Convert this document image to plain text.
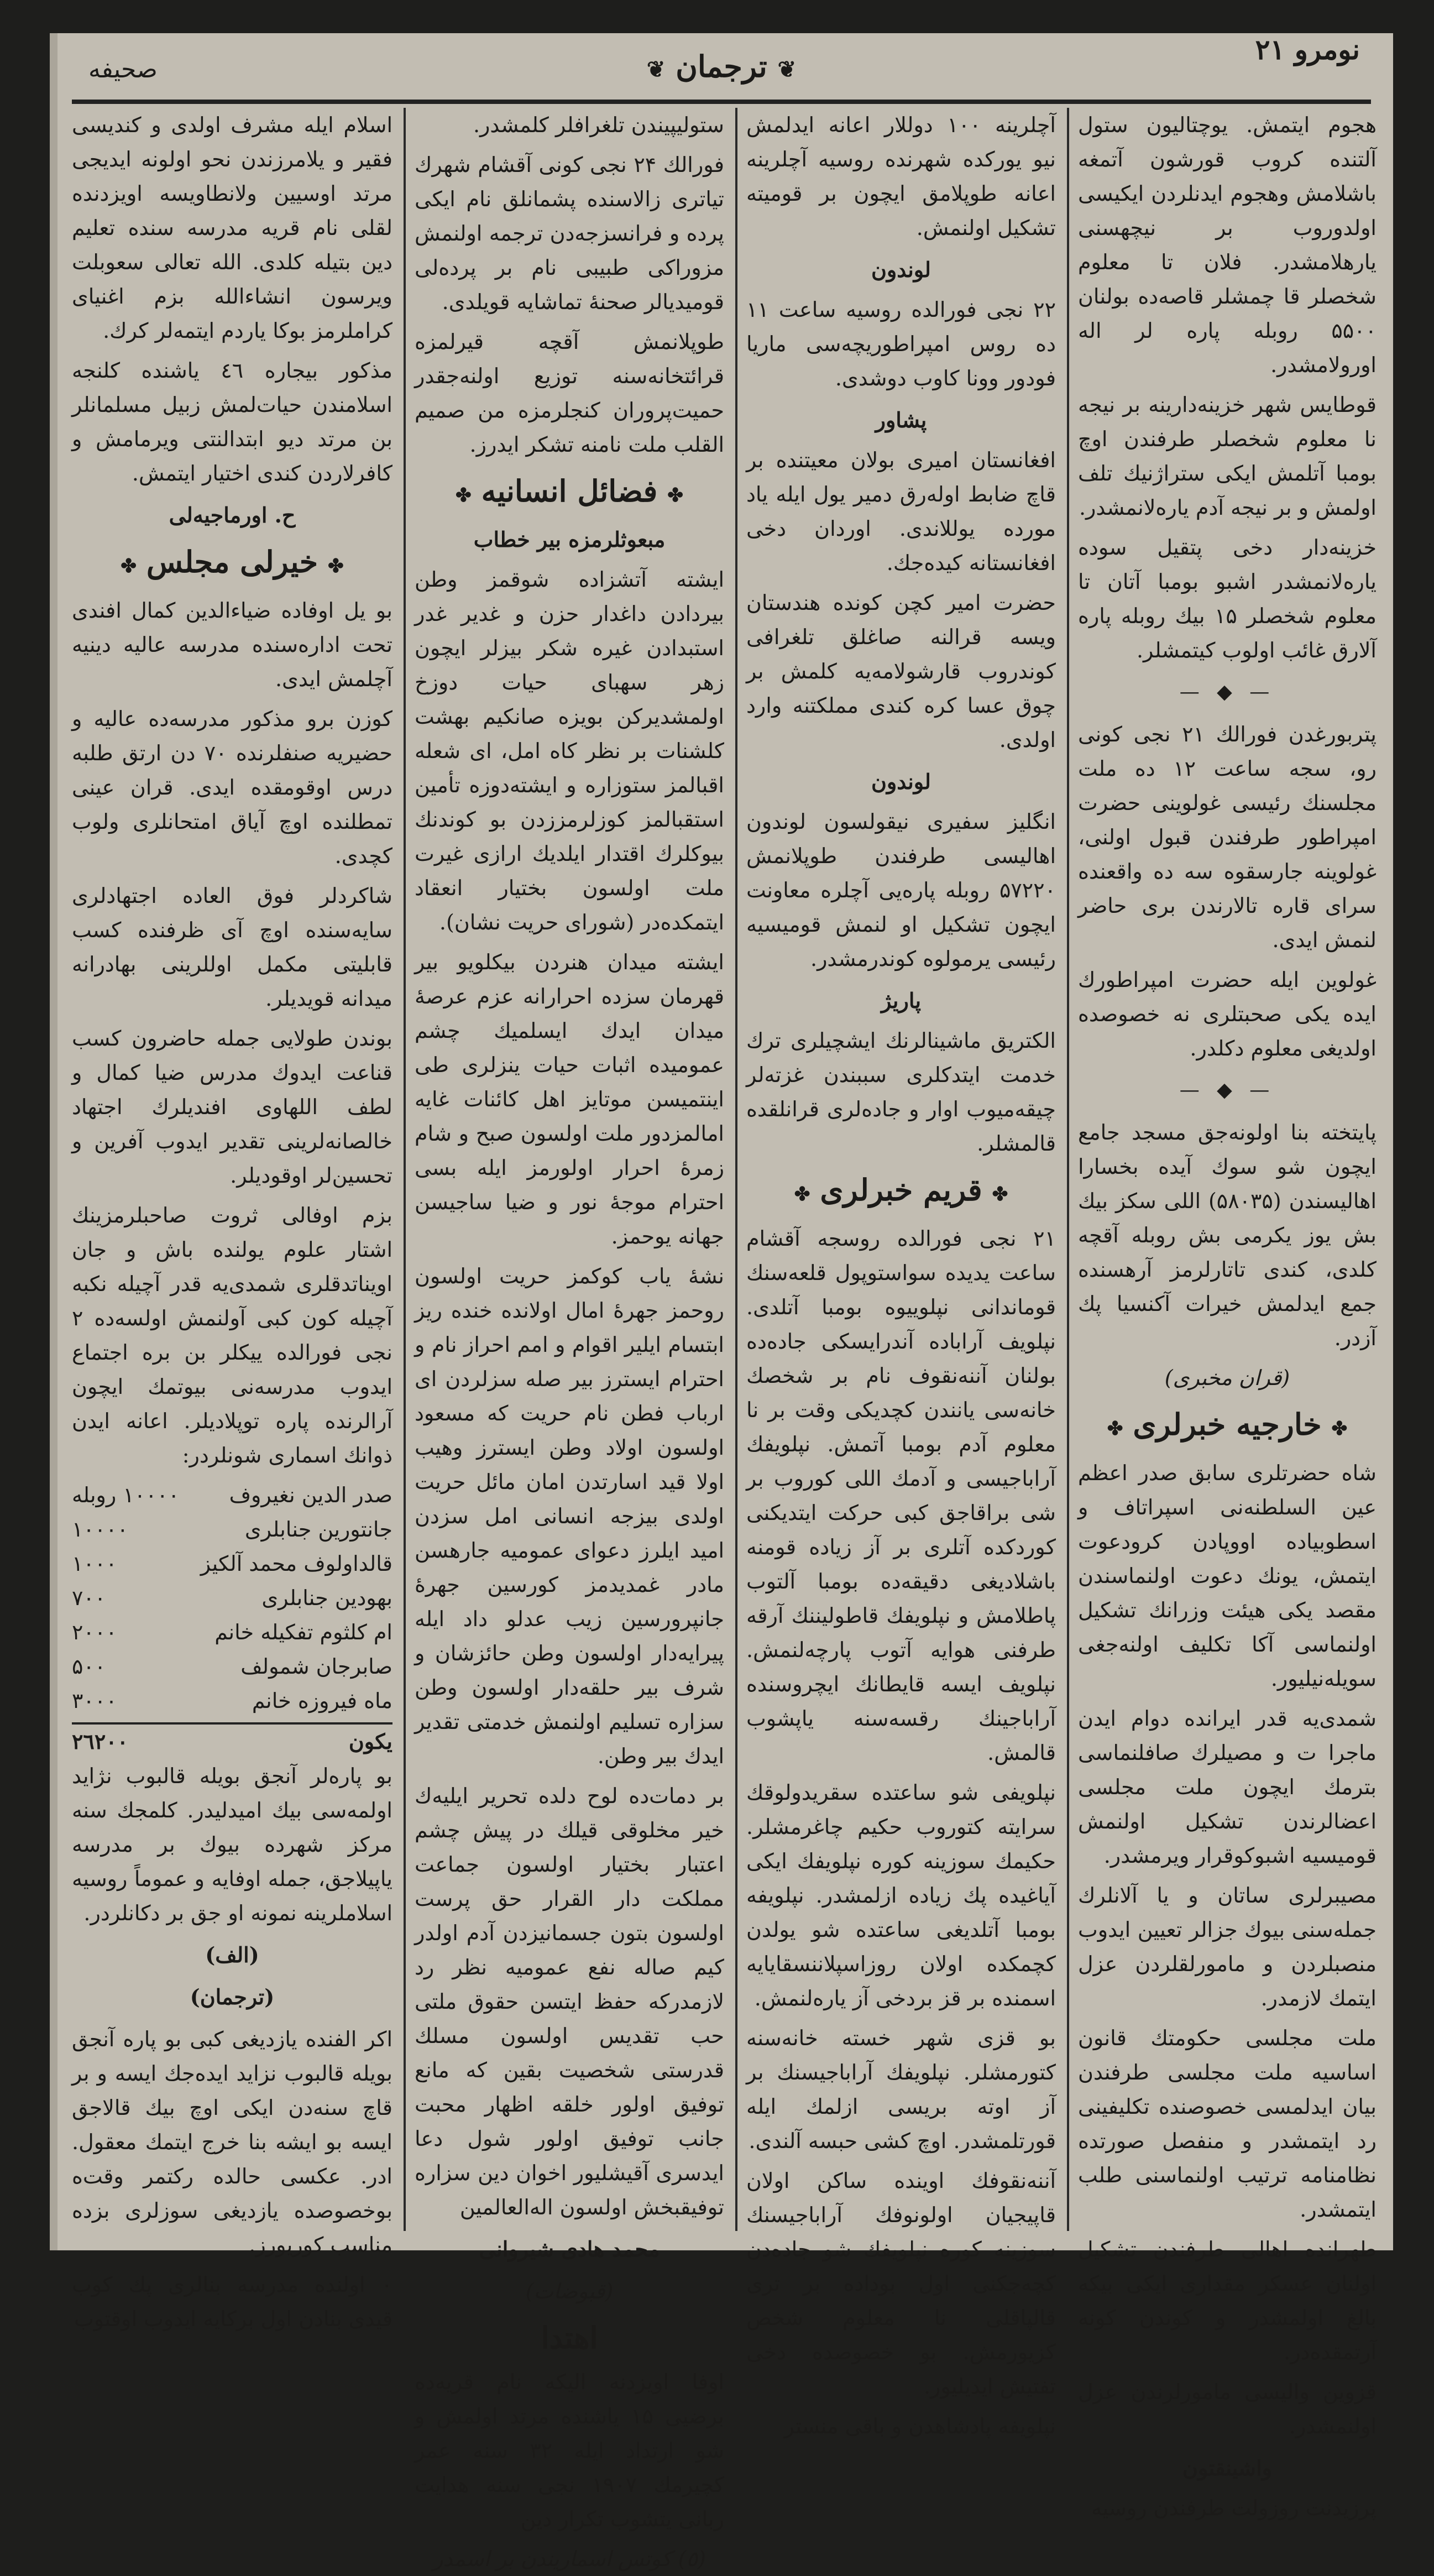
صحیفه	❦ ترجمان ❦
نومرو ۲۱

هجوم ایتمش. یوچتالیون ستول آلتنده کروب قورشون آتمغه باشلامش وهجوم ایدنلردن ایکیسی اولدوروب بر نیچهسنی یارهلامشدر. فلان تا معلوم شخصلر قا چمشلر قاصه‌ده بولنان ۵۵۰۰ روبله پاره لر اله اورولامشدر.

قوطایس شهر خزینه‌دارینه بر نیجه نا معلوم شخصلر طرفندن اوچ بومبا آتلمش ایکی ستراژنیك تلف اولمش و بر نیجه آدم یاره‌لانمشدر.

خزینه‌دار دخی پتقیل سوده یاره‌لانمشدر اشبو بومبا آتان تا معلوم شخصلر ۱۵ بیك روبله پاره آلارق غائب اولوب کیتمشلر.

— ◆ —

پتربورغدن فورالك ۲۱ نجی کونی رو، سجه ساعت ۱۲ ده ملت مجلسنك رئیسی غولوینی حضرت امپراطور طرفندن قبول اولنی، غولوینه جارسقوه سه ده واقعنده سرای قاره تالارندن بری حاضر لنمش ایدی.

غولوین ایله حضرت امپراطورك ایده یکی صحبتلری نه خصوصده اولدیغی معلوم دکلدر.

— ◆ —

پایتخته بنا اولونه‌جق مسجد جامع ایچون شو سوك آیده بخسارا اهالیسندن (۵۸۰۳۵) اللی سکز بیك بش یوز یکرمی بش روبله آقچه کلدی، کندی تاتارلرمز آرهسنده جمع ایدلمش خیرات آکنسیا پك آزدر.

(قران مخبری)

✤خارجیه خبرلری✤

شاه حضرتلری سابق صدر اعظم عین السلطنه‌نی اسپراتاف و اسطوبیاده اووپادن کرودعوت ایتمش، یونك دعوت اولنماسندن مقصد یکی هیئت وزرانك تشکیل اولنماسی آکا تکلیف اولنه‌جغی سویله‌نیلیور.

شمدی‌یه قدر ایرانده دوام ایدن ماجرا ت و مصیلرك صافلنماسی بترمك ایچون ملت مجلسی اعضالرندن تشکیل اولنمش قومیسیه اشبوکوقرار ویرمشدر.

مصیبرلری ساتان و یا آلانلرك جمله‌سنی بیوك جزالر تعیین ایدوب منصبلردن و مامورلقلردن عزل ایتمك لازمدر.

ملت مجلسی حکومتك قانون اساسیه ملت مجلسی طرفندن بیان ایدلمسی خصوصنده تکلیفینی رد ایتمشدر و منفصل صورتده نظامنامه ترتیب اولنماسنی طلب ایتمشدر.

طهرانده اهالی طرفندن تشکیل اولنان عسکر مقداری ایکی بیکه بالغ اولمشدر و کوندن کونه آرتمقده‌در.

قزوین والیسی مامورلرندن عزل اولنمشدر.

واشینقتون

پرزیدنت روزولت طرفندن روسیه

آچلرینه ۱۰۰ دوللار اعانه ایدلمش نیو یورکده شهرنده روسیه آچلرینه اعانه طوپلامق ایچون بر قومیته تشکیل اولنمش.

لوندون

۲۲ نجی فورالده روسیه ساعت ۱۱ ده روس امپراطوریچه‌سی ماریا فودور وونا کاوب دوشدی.

پشاور

افغانستان امیری بولان معیتنده بر قاچ ضابط اوله‌رق دمیر یول ایله یاد مورده یوللاندی. اوردان دخی افغانستانه کیده‌جك.

حضرت امیر کچن کونده هندستان ویسه قرالنه صاغلق تلغرافی کوندروب قارشولامه‌یه کلمش بر چوق عسا کره کندی مملکتنه وارد اولدی.

لوندون

انگلیز سفیری نیقولسون لوندون اهالیسی طرفندن طوپلانمش ۵۷۲۲۰ روبله پاره‌یی آچلره معاونت ایچون تشکیل او لنمش قومیسیه رئیسی یرمولوه کوندرمشدر.

پاریژ

الکتریق ماشینالرنك ایشچیلری ترك خدمت ایتدکلری سببندن غزته‌لر چیقه‌میوب اوار و جاده‌لری قرانلقده قالمشلر.

✤قریم خبرلری✤

۲۱ نجی فورالده روسجه آقشام ساعت یدیده سواستوپول قلعه‌سنك قوماندانی نپلوییوه بومبا آتلدی. نپلویف آراباده آندرایسکی جاده‌ده بولنان آننه‌نقوف نام بر شخصك خانه‌سی یانندن کچدیکی وقت بر نا معلوم آدم بومبا آتمش. نپلویفك آراباجیسی و آدمك اللی کوروب بر شی براقاجق کبی حرکت ایتدیکنی کوردکده آتلری بر آز زیاده قومنه باشلادیغی دقیقه‌ده بومبا آلتوب پاطلامش و نپلویفك قاطولیننك آرقه طرفنی هوایه آتوب پارچه‌لنمش. نپلویف ایسه قایطانك ایچروسنده آراباجینك رقسه‌سنه یاپشوب قالمش.

نپلویفی شو ساعتده سقریدولوقك سرایته کتوروب حکیم چاغرمشلر. حکیمك سوزینه کوره نپلویفك ایکی آیاغیده پك زیاده ازلمشدر. نپلویفه بومبا آتلدیغی ساعتده شو یولدن کچمکده اولان روزاسپلاننسقایایه اسمنده بر قز بردخی آز یاره‌لنمش.

بو قزی شهر خسته خانه‌سنه کتورمشلر. نپلویفك آراباجیسنك بر آز اوته بریسی ازلمك ایله قورتلمشدر. اوچ کشی حبسه آلندی.

آننه‌نقوفك اوینده ساکن اولان قاپیجیان اولونوفك آراباجیسنك سوزینه کوره نپلویفك شو جاده‌دن کچه‌جکنی اول بوداده بر تری قالپاقلی نا معلوم شخص کزیورمش. بو خصوصده دخی تفتیش ایدیلیور.

نپلویفه پادشاهدن و باقی منستر

ستولیپیندن تلغرافلر کلمشدر.

فورالك ۲۴ نجی کونی آقشام شهرك تیاتری زالاسنده پشمانلق نام ایکی پرده و فرانسزجه‌دن ترجمه اولنمش مزوراکی طبیبی نام بر پرده‌لی قومیدیالر صحنهٔ تماشایه قویلدی.

طوپلانمش آقچه قیرلمزه قرائتخانه‌سنه توزیع اولنه‌جقدر حمیت‌پروران کنجلرمزه من صمیم القلب ملت نامنه تشکر ایدرز.

✤فضائل انسانیه✤
مبعوثلرمزه بیر خطاب

ایشته آتشزاده شوقمز وطن بیردادن داغدار حزن و غدیر غدر استبدادن غیره شکر بیزلر ایچون زهر سهبای حیات دوزخ اولمشدیرکن بویزه صانکیم بهشت کلشنات بر نظر کاه امل، ای شعله اقبالمز ستوزاره و ایشته‌دوزه تأمین استقبالمز کوزلرمززدن بو کوندنك بیوکلرك اقتدار ایلدیك ارازی غیرت ملت اولسون بختیار انعقاد ایتمکده‌در (شورای حریت نشان).

ایشته میدان هنردن بیکلویو بیر قهرمان سزده احرارانه عزم عرصهٔ میدان ایدك ایسلمیك چشم عمومیده اثبات حیات ینزلری طی اینتمیسن موتایز اهل کائنات غایه امالمزدور ملت اولسون صبح و شام زمرهٔ احرار اولورمز ایله بسی احترام موجهٔ نور و ضیا ساجیسن جهانه یوحمز.

نشهٔ یاب کوکمز حریت اولسون روحمز جهرهٔ امال اولانده خنده ریز ابتسام ایلیر اقوام و امم احراز نام و احترام ایسترز بیر صله سزلردن ای ارباب فطن نام حریت که مسعود اولسون اولاد وطن ایسترز وهیب اولا قید اسارتدن امان مائل حریت اولدی بیزجه انسانی امل سزدن امید ایلرز دعوای عمومیه جارهسن مادر غمدیدمز کورسین جهرهٔ جانپرورسین زیب عدلو داد ایله پیرایه‌دار اولسون وطن حائزشان و شرف بیر حلقه‌دار اولسون وطن سزاره تسلیم اولنمش خدمتی تقدیر ایدك بیر وطن.

بر دمات‌ده لوح دلده تحریر ایلیه‌ك خیر مخلوقی قیلك در پیش چشم اعتبار بختیار اولسون جماعت مملکت دار القرار حق پرست اولسون بتون جسمانیزدن آدم اولدر کیم صاله نفع عمومیه نظر رد لازمدرکه حفظ ایتسن حقوق ملتی حب تقدیس اولسون مسلك قدرستی شخصیت بقین که مانع توفیق اولور خلقه اظهار محبت جانب توفیق اولور شول دعا ایدسری آقیشلیور اخوان دین سزاره توفیقبخش اولسون اله‌العالمین

محمد هادی شیروانی
(قبوضات)
اهتدا

اوفا اویزدنه الیکه نام قریه‌ده برضیی ۱۵ یاشنده مرتد اولمش و شو ارتداد ایله ۳۲ سنه عمر کچیرمك ۱۹۰۷ نجی سنه هدایت ربانی یتشوب تکرار دین

(٥) کوتس اسماریندن بر اسمدر

اسلام ایله مشرف اولدی و کندیسی فقیر و یلامرزندن نحو اولونه ایدیجی مرتد اوسیین ولانطاویسه اویزدنده لقلی نام قریه مدرسه سنده تعلیم دین بتیله کلدی. الله تعالی سعوبلت ویرسون انشاءالله بزم اغنیای کراملرمز بوکا یاردم ایتمه‌لر کرك.

مذکور بیجاره ٤٦ یاشنده کلنجه اسلامندن حیات‌لمش زبیل مسلمانلر بن مرتد دیو ابتدالنتی ویرمامش و کافرلاردن کندی اختیار ایتمش.

ح. اورماجیه‌لی
✤خیرلی مجلس✤

بو یل اوفاده ضیاءالدین کمال افندی تحت اداره‌سنده مدرسه عالیه دینیه آچلمش ایدی.

کوزن برو مذکور مدرسه‌ده عالیه و حضیریه صنفلرنده ۷۰ دن ارتق طلبه درس اوقومقده ایدی. قران عینی تمطلنده اوچ آیاق امتحانلری ولوب کچدی.

شاکردلر فوق العاده اجتهادلری سایه‌سنده اوچ آی ظرفنده کسب قابلیتی مکمل اوللرینی بهادرانه میدانه قویدیلر.

بوندن طولایی جمله حاضرون کسب قناعت ایدوك مدرس ضیا کمال و لطف اللهاوی افندیلرك اجتهاد خالصانه‌لرینی تقدیر ایدوب آفرین و تحسین‌لر اوقودیلر.

بزم اوفالی ثروت صاحبلرمزینك اشتار علوم یولنده باش و جان اویناتدقلری شمدی‌یه قدر آچیله نکبه آچیله کون کبی آولنمش اولسه‌ده ۲ نجی فورالده ییکلر بن بره اجتماع ایدوب مدرسه‌نی بیوتمك ایچون آرالرنده پاره توپلادیلر. اعانه ایدن ذوانك اسماری شونلردر:

صدر الدین نغیروف
۱۰۰۰۰ روبله
جانتورین جنابلری
۱۰۰۰۰
قالداولوف محمد آلکیز
۱۰۰۰
بهودین جنابلری
۷۰۰
ام کلثوم تفکیله خانم
۲۰۰۰
صابرجان شمولف
۵۰۰
ماه فیروزه خانم
۳۰۰۰
یکون
۲٦۲۰۰

بو پاره‌لر آنجق بویله قالبوب نژاید اولمه‌سی بیك امیدلیدر. کلمجك سنه مرکز شهرده بیوك بر مدرسه یاپیلاجق، جمله اوفایه و عموماً روسیه اسلاملرینه نمونه او جق بر دکانلردر.

(الف)
(ترجمان)

اکر الفنده یازدیغی کبی بو پاره آنجق بویله قالبوب نزاید ایده‌جك ایسه و بر قاچ سنه‌دن ایکی اوچ بیك قالاجق ایسه بو ایشه بنا خرج ایتمك معقول. ادر. عکسی حالده رکتمر وقت‌ه بوخصوصده یازدیغی سوزلری بزده مناسب کوریورز.

۰ اولنده مدرسه بنالری پك کوب قیدی بنادن اول برکایه ایدوب اوقتوب
